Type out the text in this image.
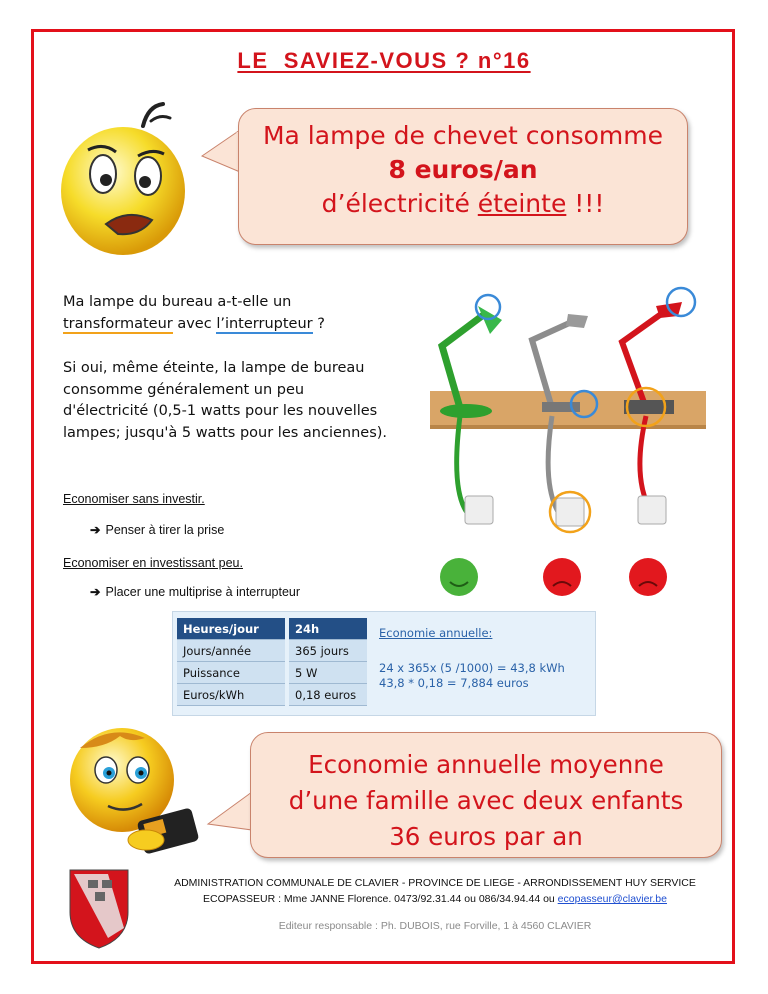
LE  SAVIEZ-VOUS ? n°16
Ma lampe de chevet consomme
8 euros/an
d’électricité éteinte !!!
Ma lampe du bureau a-t-elle un
transformateur avec l’interrupteur ?
Si oui, même éteinte, la lampe de bureau consomme généralement un peu d'électricité (0,5-1 watts pour les nouvelles lampes; jusqu'à 5 watts pour les anciennes).
Economiser sans investir.
➔ Penser à tirer la prise
Economiser en investissant peu.
➔ Placer une multiprise à interrupteur
Heures/jour	24h
Jours/année	365 jours
Puissance	5 W
Euros/kWh	0,18 euros
Economie annuelle:
24 x 365x (5 /1000) = 43,8 kWh
43,8 * 0,18 = 7,884 euros
Economie annuelle moyenne
d’une famille avec deux enfants
36 euros par an
ADMINISTRATION COMMUNALE DE CLAVIER - PROVINCE DE LIEGE - ARRONDISSEMENT HUY SERVICE
ECOPASSEUR : Mme JANNE Florence. 0473/92.31.44 ou 086/34.94.44 ou ecopasseur@clavier.be
Editeur responsable : Ph. DUBOIS, rue Forville, 1 à 4560 CLAVIER
